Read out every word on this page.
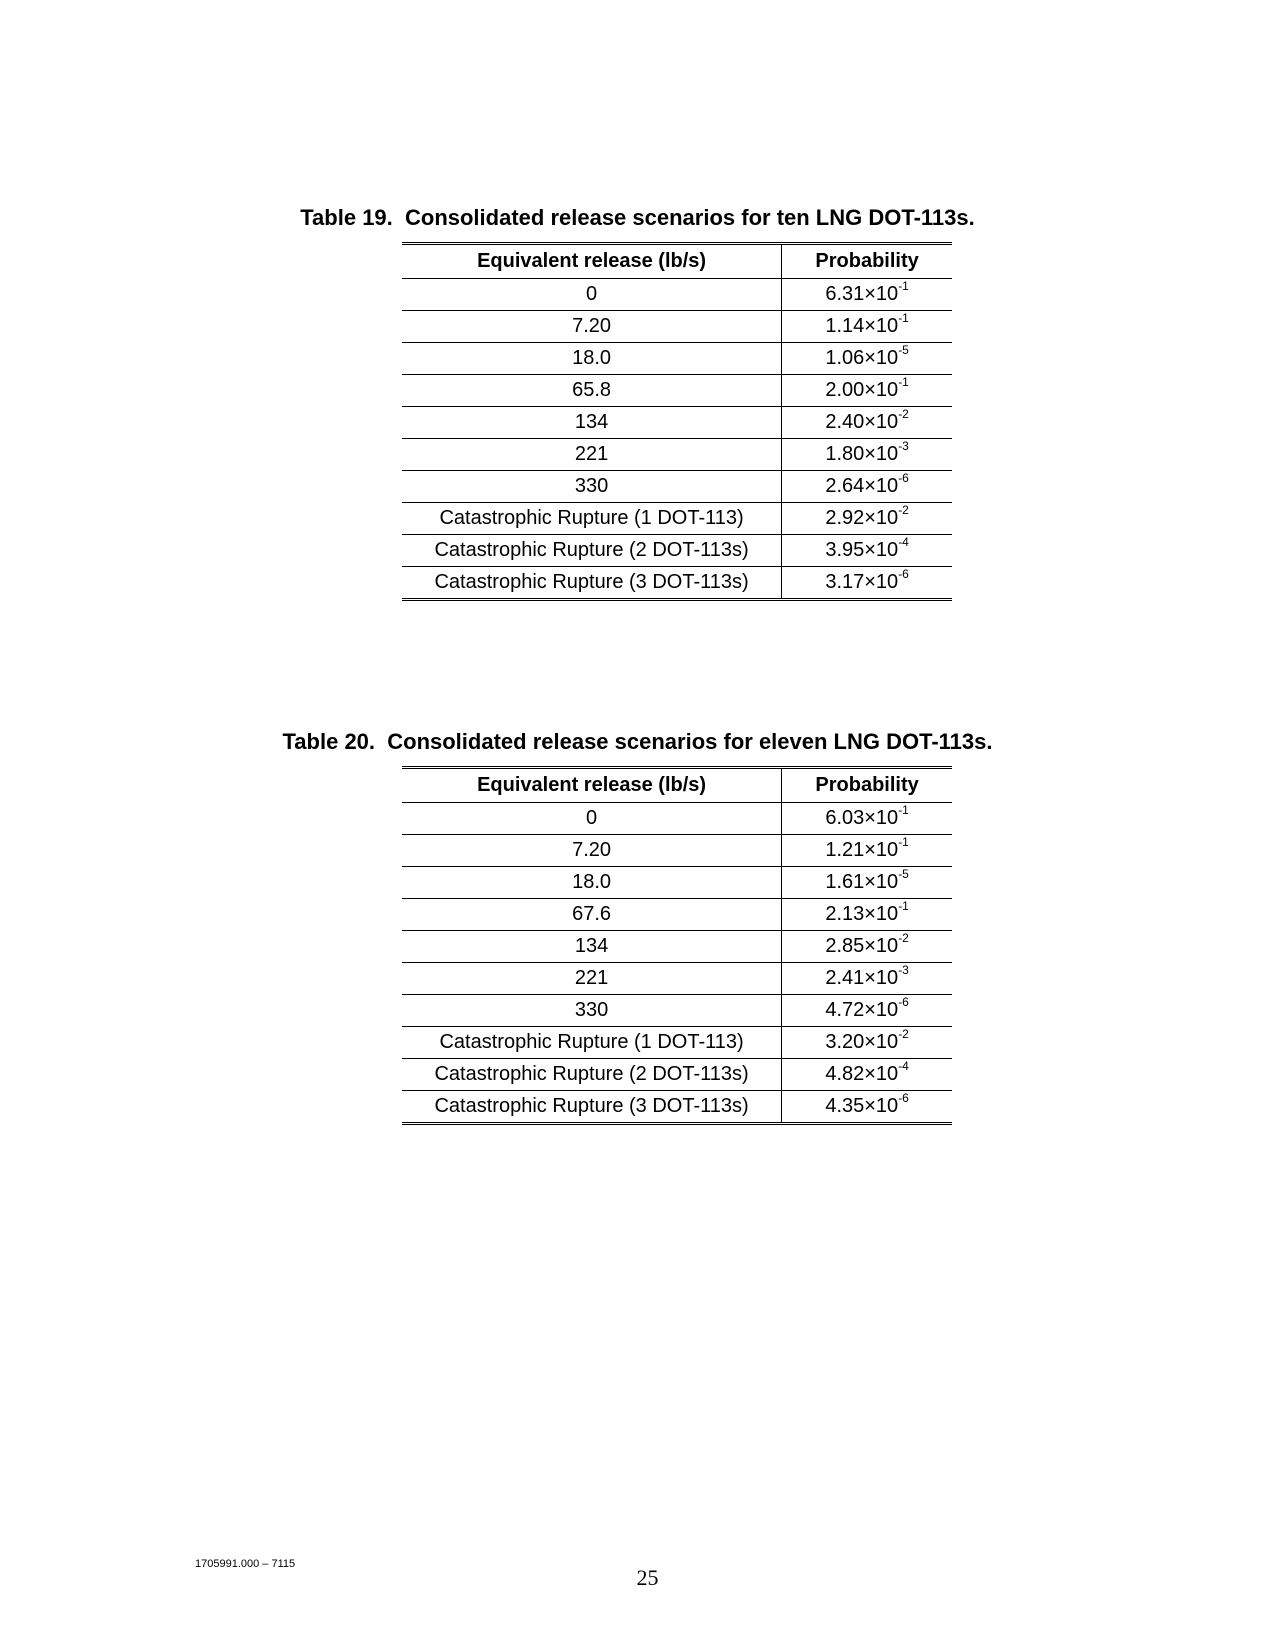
Table 19.  Consolidated release scenarios for ten LNG DOT-113s.

Equivalent release (lb/s)	Probability
0	$6.31\times 10^{-1}$
7.20	$1.14\times 10^{-1}$
18.0	$1.06\times 10^{-5}$
65.8	$2.00\times 10^{-1}$
134	$2.40\times 10^{-2}$
221	$1.80\times 10^{-3}$
330	$2.64\times 10^{-6}$
Catastrophic Rupture (1 DOT-113)	$2.92\times 10^{-2}$
Catastrophic Rupture (2 DOT-113s)	$3.95\times 10^{-4}$
Catastrophic Rupture (3 DOT-113s)	$3.17\times 10^{-6}$

Table 20.  Consolidated release scenarios for eleven LNG DOT-113s.

Equivalent release (lb/s)	Probability
0	$6.03\times 10^{-1}$
7.20	$1.21\times 10^{-1}$
18.0	$1.61\times 10^{-5}$
67.6	$2.13\times 10^{-1}$
134	$2.85\times 10^{-2}$
221	$2.41\times 10^{-3}$
330	$4.72\times 10^{-6}$
Catastrophic Rupture (1 DOT-113)	$3.20\times 10^{-2}$
Catastrophic Rupture (2 DOT-113s)	$4.82\times 10^{-4}$
Catastrophic Rupture (3 DOT-113s)	$4.35\times 10^{-6}$
1705991.000 – 7115
25
